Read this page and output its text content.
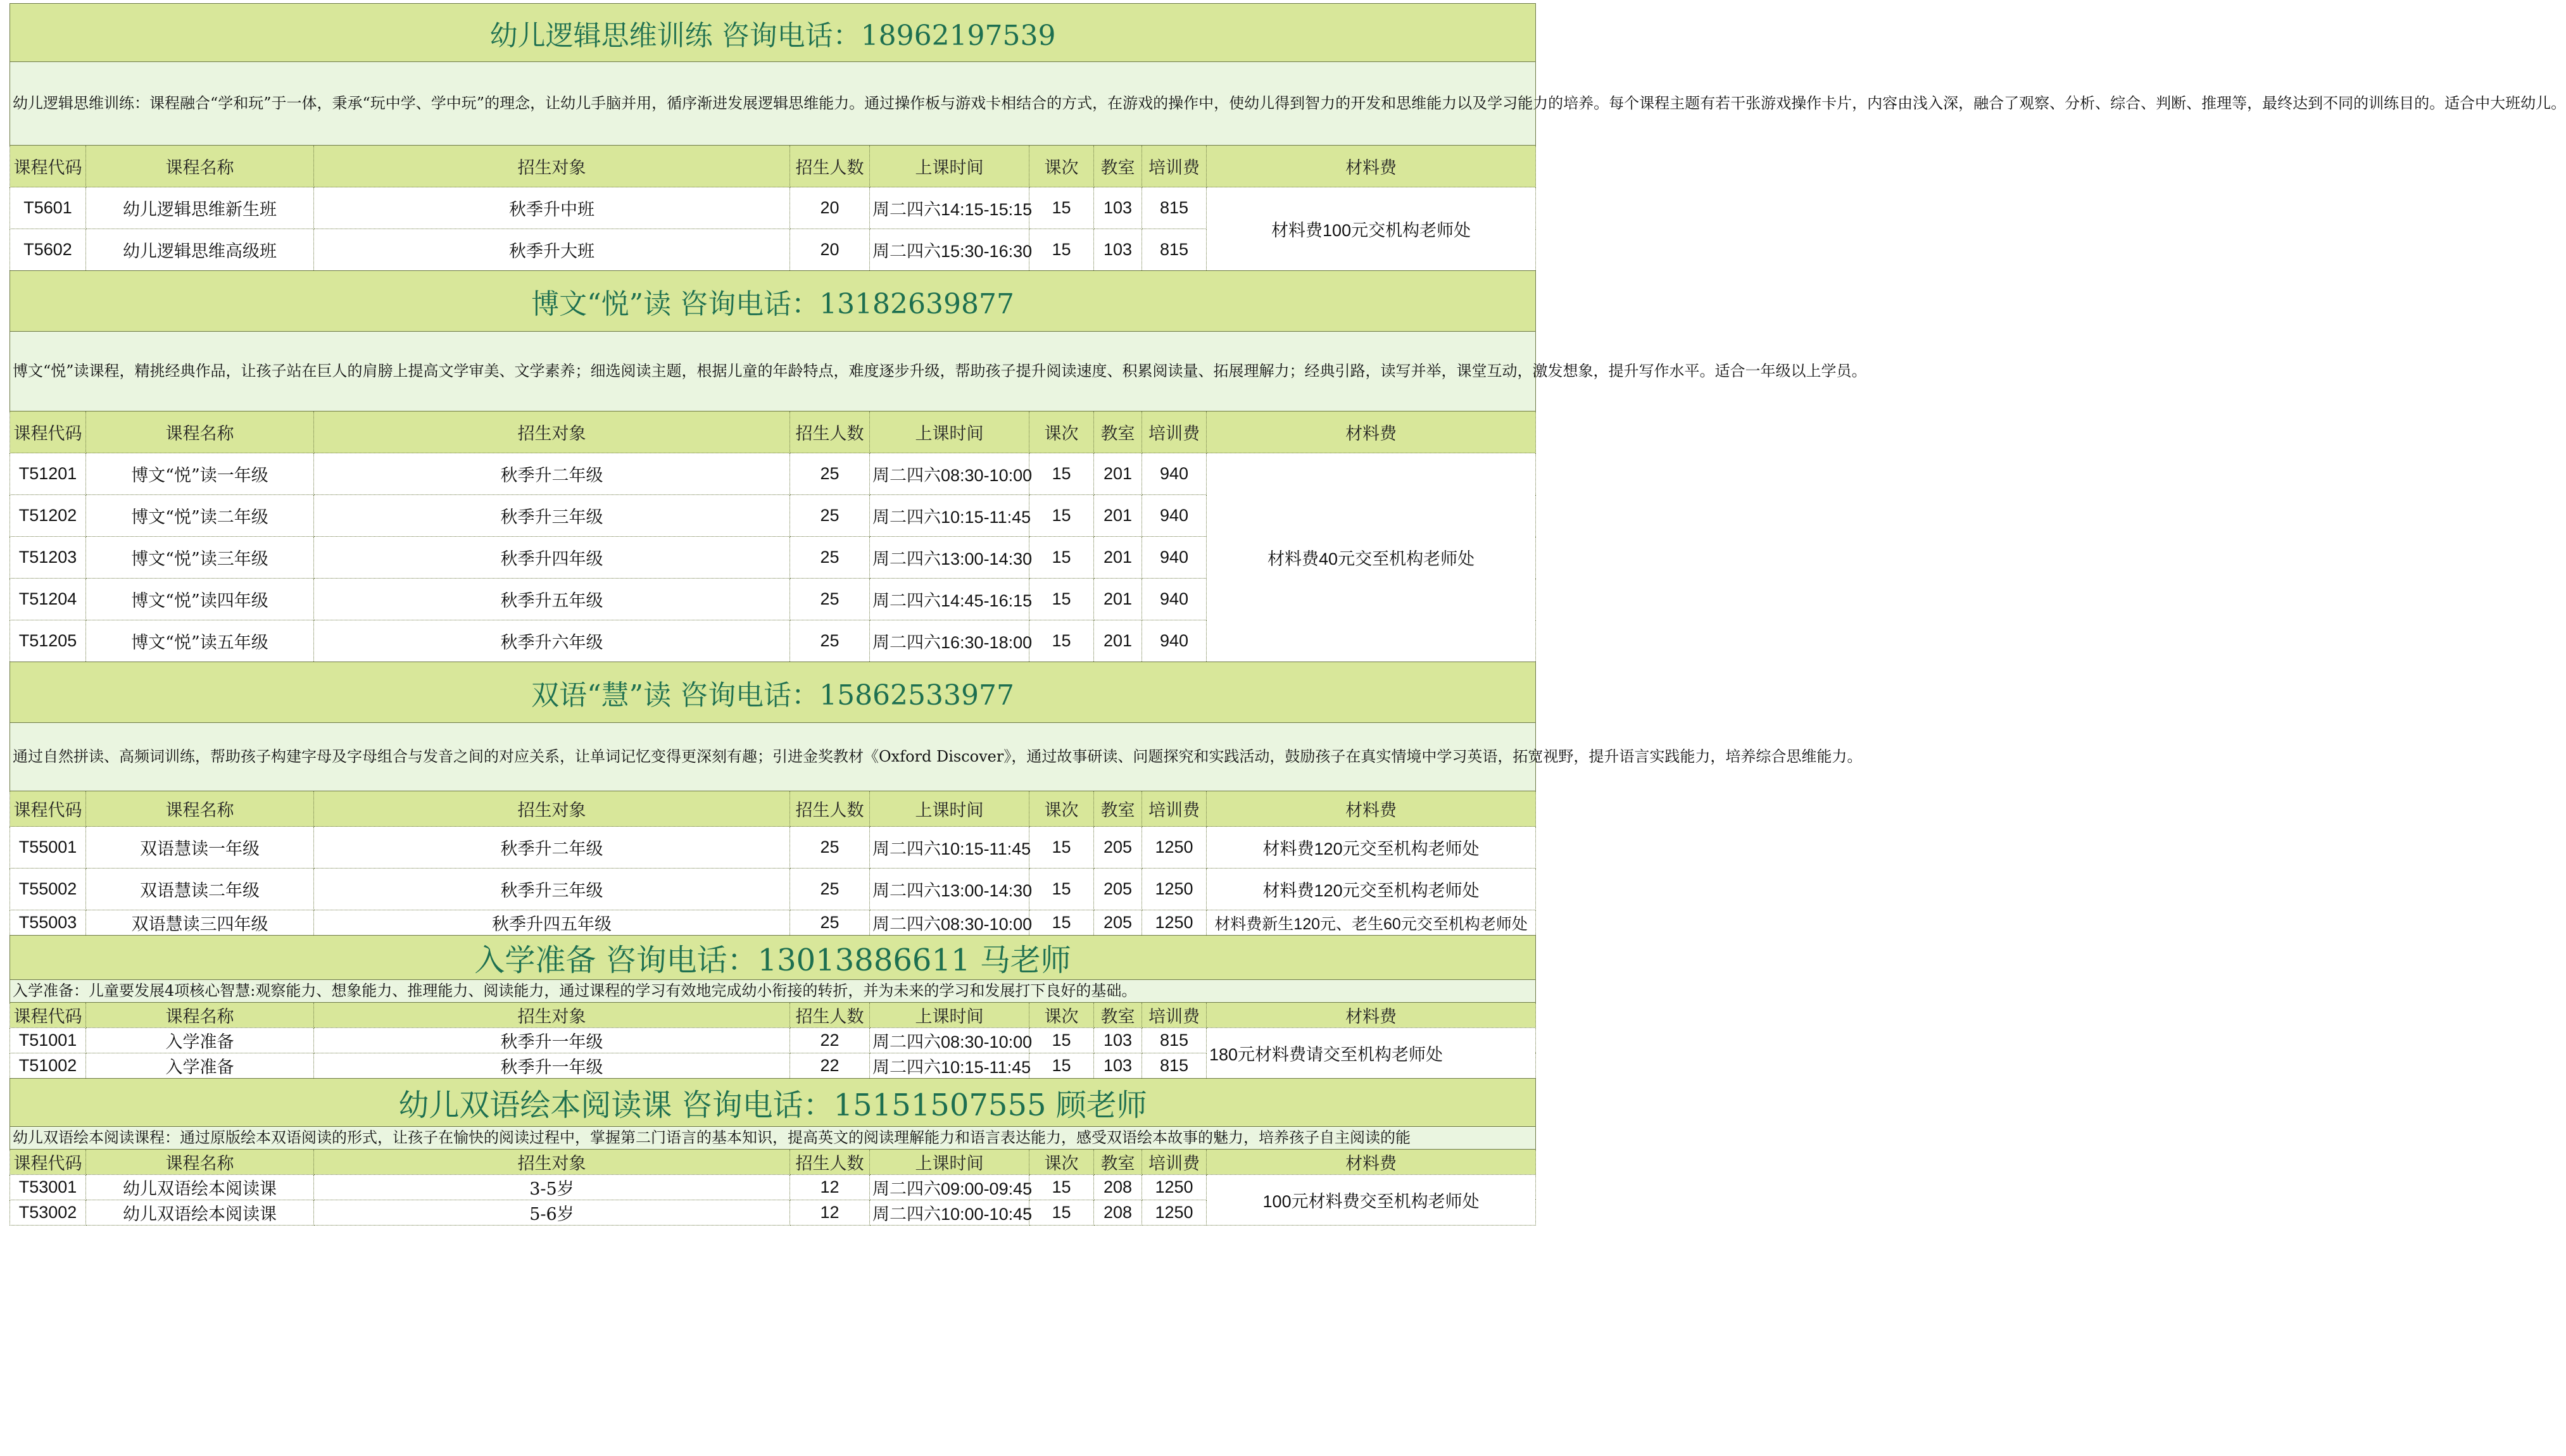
幼儿逻辑思维训练 咨询电话：18962197539								
幼儿逻辑思维训练：课程融合“学和玩”于一体，秉承“玩中学、学中玩”的理念，让幼儿手脑并用，循序渐进发展逻辑思维能力。通过操作板与游戏卡相结合的方式，在游戏的操作中，使幼儿得到智力的开发和思维能力以及学习能力的培养。每个课程主题有若干张游戏操作卡片，内容由浅入深，融合了观察、分析、综合、判断、推理等，最终达到不同的训练目的。适合中大班幼儿。								
课程代码	课程名称	招生对象	招生人数	上课时间	课次	教室	培训费	材料费
T5601	幼儿逻辑思维新生班	秋季升中班	20	周二四六14:15-15:15	15	103	815	材料费100元交机构老师处
T5602	幼儿逻辑思维高级班	秋季升大班	20	周二四六15:30-16:30	15	103	815	
博文“悦”读 咨询电话：13182639877								
博文“悦”读课程，精挑经典作品，让孩子站在巨人的肩膀上提高文学审美、文学素养；细选阅读主题，根据儿童的年龄特点，难度逐步升级，帮助孩子提升阅读速度、积累阅读量、拓展理解力；经典引路，读写并举，课堂互动，激发想象，提升写作水平。适合一年级以上学员。								
课程代码	课程名称	招生对象	招生人数	上课时间	课次	教室	培训费	材料费
T51201	博文“悦”读一年级	秋季升二年级	25	周二四六08:30-10:00	15	201	940	材料费40元交至机构老师处
T51202	博文“悦”读二年级	秋季升三年级	25	周二四六10:15-11:45	15	201	940	
T51203	博文“悦”读三年级	秋季升四年级	25	周二四六13:00-14:30	15	201	940	
T51204	博文“悦”读四年级	秋季升五年级	25	周二四六14:45-16:15	15	201	940	
T51205	博文“悦”读五年级	秋季升六年级	25	周二四六16:30-18:00	15	201	940	
双语“慧”读 咨询电话：15862533977								
通过自然拼读、高频词训练，帮助孩子构建字母及字母组合与发音之间的对应关系，让单词记忆变得更深刻有趣；引进金奖教材《Oxford Discover》，通过故事研读、问题探究和实践活动，鼓励孩子在真实情境中学习英语，拓宽视野，提升语言实践能力，培养综合思维能力。								
课程代码	课程名称	招生对象	招生人数	上课时间	课次	教室	培训费	材料费
T55001	双语慧读一年级	秋季升二年级	25	周二四六10:15-11:45	15	205	1250	材料费120元交至机构老师处
T55002	双语慧读二年级	秋季升三年级	25	周二四六13:00-14:30	15	205	1250	材料费120元交至机构老师处
T55003	双语慧读三四年级	秋季升四五年级	25	周二四六08:30-10:00	15	205	1250	材料费新生120元、老生60元交至机构老师处
入学准备 咨询电话：13013886611 马老师								
入学准备：儿童要发展4项核心智慧:观察能力、想象能力、推理能力、阅读能力，通过课程的学习有效地完成幼小衔接的转折，并为未来的学习和发展打下良好的基础。								
课程代码	课程名称	招生对象	招生人数	上课时间	课次	教室	培训费	材料费
T51001	入学准备	秋季升一年级	22	周二四六08:30-10:00	15	103	815	180元材料费请交至机构老师处
T51002	入学准备	秋季升一年级	22	周二四六10:15-11:45	15	103	815	
幼儿双语绘本阅读课 咨询电话：15151507555 顾老师								
幼儿双语绘本阅读课程：通过原版绘本双语阅读的形式，让孩子在愉快的阅读过程中，掌握第二门语言的基本知识，提高英文的阅读理解能力和语言表达能力，感受双语绘本故事的魅力，培养孩子自主阅读的能								
课程代码	课程名称	招生对象	招生人数	上课时间	课次	教室	培训费	材料费
T53001	幼儿双语绘本阅读课	3-5岁	12	周二四六09:00-09:45	15	208	1250	100元材料费交至机构老师处
T53002	幼儿双语绘本阅读课	5-6岁	12	周二四六10:00-10:45	15	208	1250	
